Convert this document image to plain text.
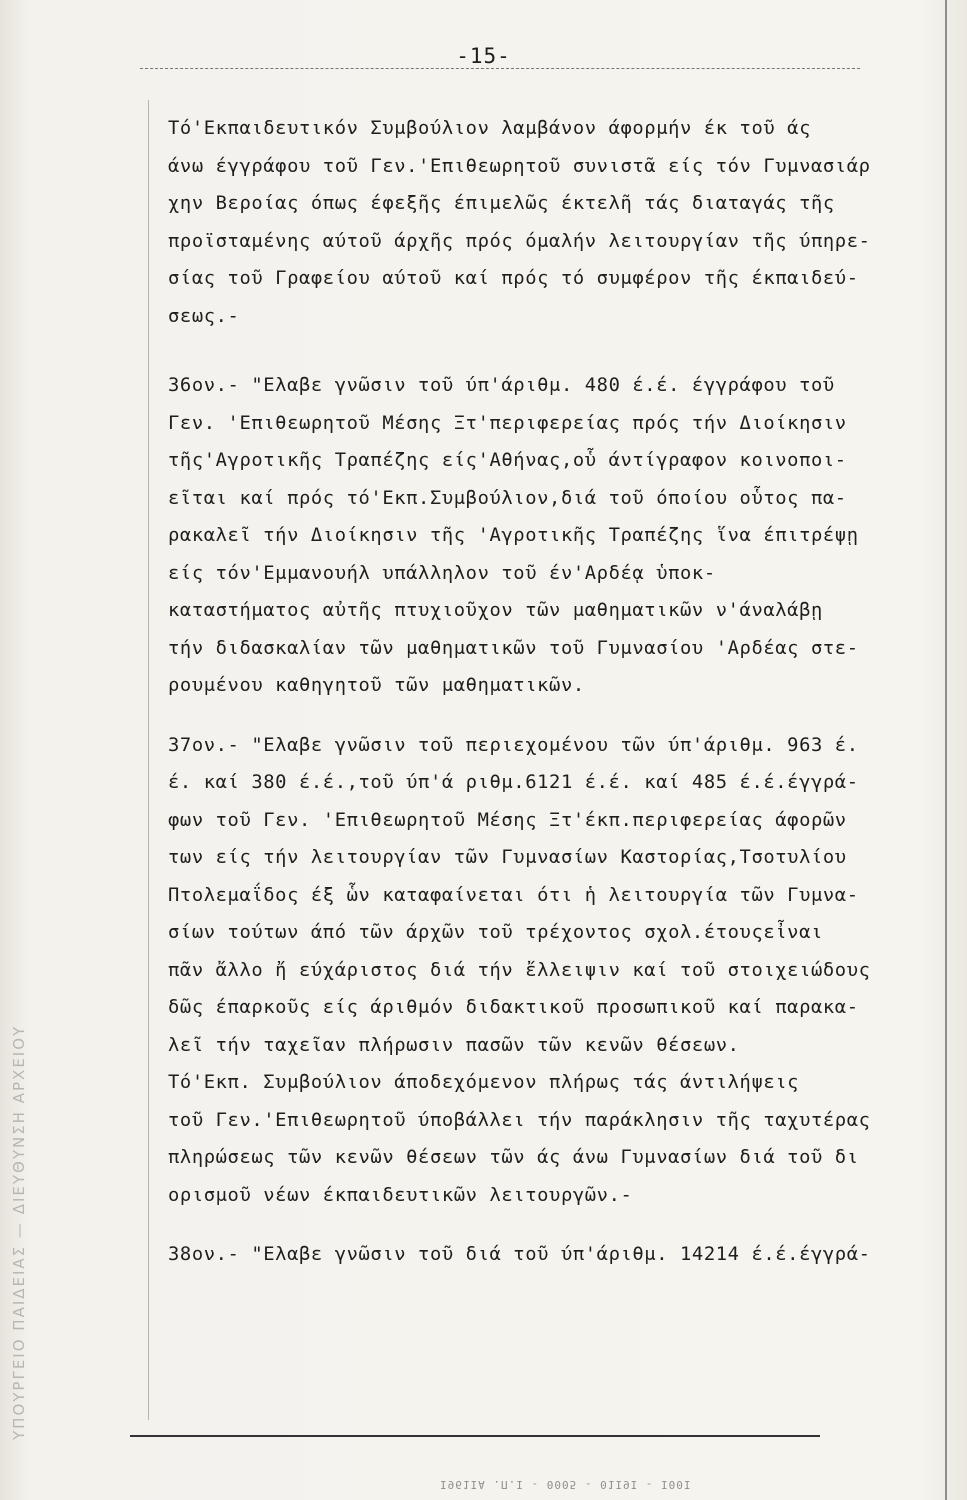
ΥΠΟΥΡΓΕΙΟ ΠΑΙΔΕΙΑΣ — ΔΙΕΥΘΥΝΣΗ ΑΡΧΕΙΟΥ
-15-
Τό'Εκπαιδευτικόν Συμβούλιον λαμβάνον άφορμήν έκ τοῦ άς
άνω έγγράφου τοῦ Γεν.'Επιθεωρητοῦ συνιστᾶ είς τόν Γυμνασιάρ
χην Βεροίας όπως έφεξῆς έπιμελῶς έκτελῆ τάς διαταγάς τῆς
προϊσταμένης αύτοῦ άρχῆς πρός όμαλήν λειτουργίαν τῆς ύπηρε-
σίας τοῦ Γραφείου αύτοῦ καί πρός τό συμφέρον τῆς έκπαιδεύ-
σεως.-
36ον.- "Ελαβε γνῶσιν τοῦ ύπ'άριθμ. 480 έ.έ. έγγράφου τοῦ
Γεν. 'Επιθεωρητοῦ Μέσης Ξτ'περιφερείας πρός τήν Διοίκησιν
τῆς'Αγροτικῆς Τραπέζης είς'Αθήνας,οὗ άντίγραφον κοινοποι-
εῖται καί πρός τό'Εκπ.Συμβούλιον,διά τοῦ όποίου οὗτος πα-
ρακαλεῖ τήν Διοίκησιν τῆς 'Αγροτικῆς Τραπέζης ἵνα έπιτρέψῃ
είς τόν'Εμμανουήλ υπάλληλον τοῦ έν'Αρδέᾳ ὑποκ-
καταστήματος αὐτῆς πτυχιοῦχον τῶν μαθηματικῶν ν'άναλάβῃ
τήν διδασκαλίαν τῶν μαθηματικῶν τοῦ Γυμνασίου 'Αρδέας στε-
ρουμένου καθηγητοῦ τῶν μαθηματικῶν.
37ον.- "Ελαβε γνῶσιν τοῦ περιεχομένου τῶν ύπ'άριθμ. 963 έ.
έ. καί 380 έ.έ.,τοῦ ύπ'ά ριθμ.6121 έ.έ. καί 485 έ.έ.έγγρά-
φων τοῦ Γεν. 'Επιθεωρητοῦ Μέσης Ξτ'έκπ.περιφερείας άφορῶν
των είς τήν λειτουργίαν τῶν Γυμνασίων Καστορίας,Τσοτυλίου
Πτολεμαΐδος έξ ὧν καταφαίνεται ότι ἡ λειτουργία τῶν Γυμνα-
σίων τούτων άπό τῶν άρχῶν τοῦ τρέχοντος σχολ.έτουςεἶναι
πᾶν ἄλλο ἤ εύχάριστος διά τήν ἔλλειψιν καί τοῦ στοιχειώδους
δῶς έπαρκοῦς είς άριθμόν διδακτικοῦ προσωπικοῦ καί παρακα-
λεῖ τήν ταχεῖαν πλήρωσιν πασῶν τῶν κενῶν θέσεων.
Τό'Εκπ. Συμβούλιον άποδεχόμενον πλήρως τάς άντιλήψεις
τοῦ Γεν.'Επιθεωρητοῦ ύποβάλλει τήν παράκλησιν τῆς ταχυτέρας
πληρώσεως τῶν κενῶν θέσεων τῶν άς άνω Γυμνασίων διά τοῦ δι
ορισμοῦ νέων έκπαιδευτικῶν λειτουργῶν.-
38ον.- "Ελαβε γνῶσιν τοῦ διά τοῦ ύπ'άριθμ. 14214 έ.έ.έγγρά-
Ι961ΙΑ .Π.Ι - 0005 - 01Ι9Ι - Ι00Ι
